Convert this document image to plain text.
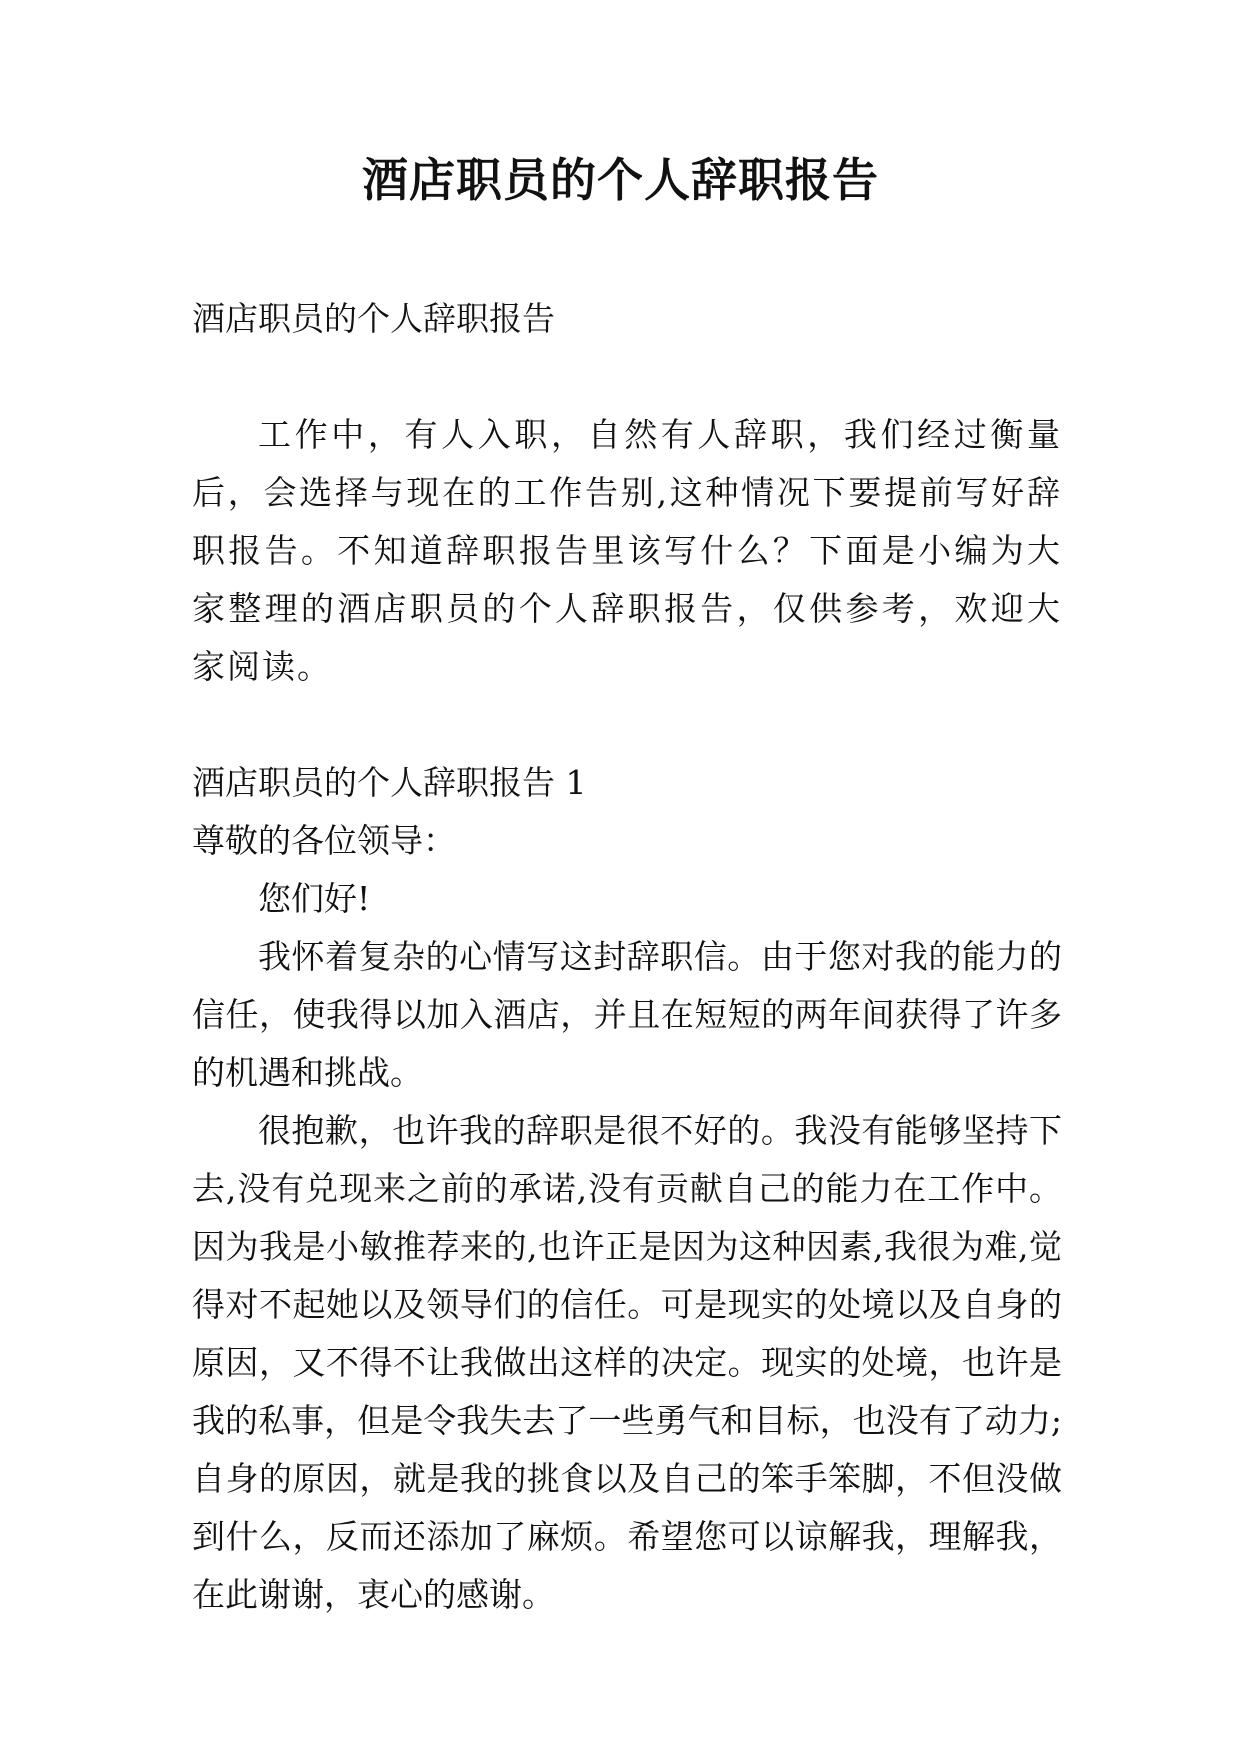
酒店职员的个人辞职报告

酒店职员的个人辞职报告

工作中，有人入职，自然有人辞职，我们经过衡量后，会选择与现在的工作告别,这种情况下要提前写好辞职报告。不知道辞职报告里该写什么？下面是小编为大家整理的酒店职员的个人辞职报告，仅供参考，欢迎大家阅读。

酒店职员的个人辞职报告 1

尊敬的各位领导：

您们好!

我怀着复杂的心情写这封辞职信。由于您对我的能力的信任，使我得以加入酒店，并且在短短的两年间获得了许多的机遇和挑战。

很抱歉，也许我的辞职是很不好的。我没有能够坚持下去,没有兑现来之前的承诺,没有贡献自己的能力在工作中。因为我是小敏推荐来的,也许正是因为这种因素,我很为难,觉得对不起她以及领导们的信任。可是现实的处境以及自身的原因，又不得不让我做出这样的决定。现实的处境，也许是我的私事，但是令我失去了一些勇气和目标，也没有了动力;自身的原因，就是我的挑食以及自己的笨手笨脚，不但没做到什么，反而还添加了麻烦。希望您可以谅解我，理解我，在此谢谢，衷心的感谢。
